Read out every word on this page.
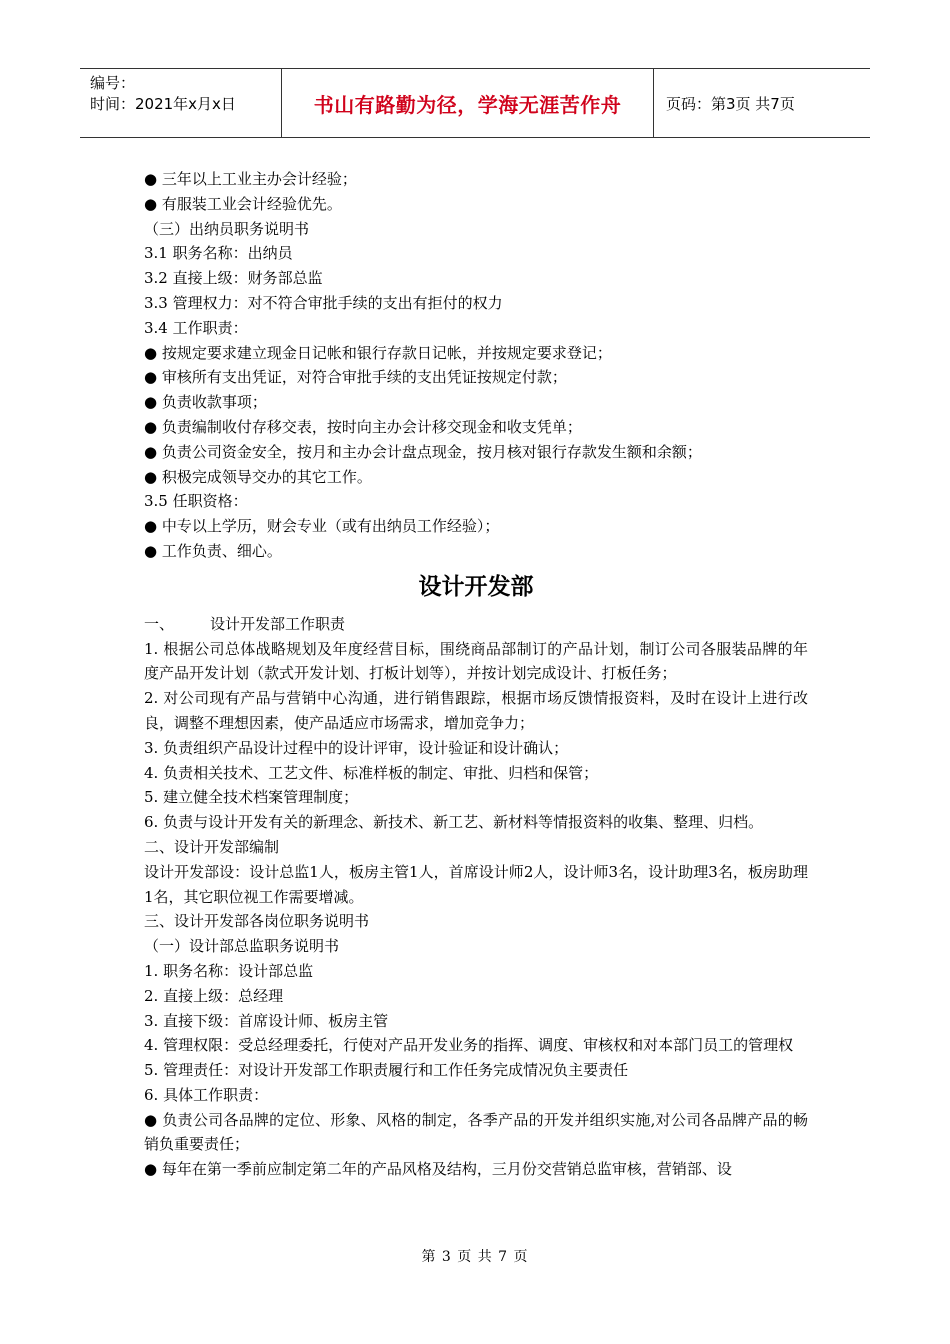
编号：
时间：2021年x月x日	书山有路勤为径，学海无涯苦作舟	页码：第3页 共7页

● 三年以上工业主办会计经验；

● 有服装工业会计经验优先。

（三）出纳员职务说明书

3.1 职务名称：出纳员

3.2 直接上级：财务部总监

3.3 管理权力：对不符合审批手续的支出有拒付的权力

3.4 工作职责：

● 按规定要求建立现金日记帐和银行存款日记帐，并按规定要求登记；

● 审核所有支出凭证，对符合审批手续的支出凭证按规定付款；

● 负责收款事项；

● 负责编制收付存移交表，按时向主办会计移交现金和收支凭单；

● 负责公司资金安全，按月和主办会计盘点现金，按月核对银行存款发生额和余额；

● 积极完成领导交办的其它工作。

3.5 任职资格：

● 中专以上学历，财会专业（或有出纳员工作经验）；

● 工作负责、细心。

设计开发部

一、 设计开发部工作职责

1. 根据公司总体战略规划及年度经营目标，围绕商品部制订的产品计划，制订公司各服装品牌的年度产品开发计划（款式开发计划、打板计划等），并按计划完成设计、打板任务；

2. 对公司现有产品与营销中心沟通，进行销售跟踪，根据市场反馈情报资料，及时在设计上进行改良，调整不理想因素，使产品适应市场需求，增加竞争力；

3. 负责组织产品设计过程中的设计评审，设计验证和设计确认；

4. 负责相关技术、工艺文件、标准样板的制定、审批、归档和保管；

5. 建立健全技术档案管理制度；

6. 负责与设计开发有关的新理念、新技术、新工艺、新材料等情报资料的收集、整理、归档。

二、设计开发部编制

设计开发部设：设计总监1人，板房主管1人，首席设计师2人，设计师3名，设计助理3名，板房助理1名，其它职位视工作需要增减。

三、设计开发部各岗位职务说明书

（一）设计部总监职务说明书

1. 职务名称：设计部总监

2. 直接上级：总经理

3. 直接下级：首席设计师、板房主管

4. 管理权限：受总经理委托，行使对产品开发业务的指挥、调度、审核权和对本部门员工的管理权

5. 管理责任：对设计开发部工作职责履行和工作任务完成情况负主要责任

6. 具体工作职责：

● 负责公司各品牌的定位、形象、风格的制定，各季产品的开发并组织实施,对公司各品牌产品的畅销负重要责任；

● 每年在第一季前应制定第二年的产品风格及结构，三月份交营销总监审核，营销部、设

第 3 页 共 7 页
